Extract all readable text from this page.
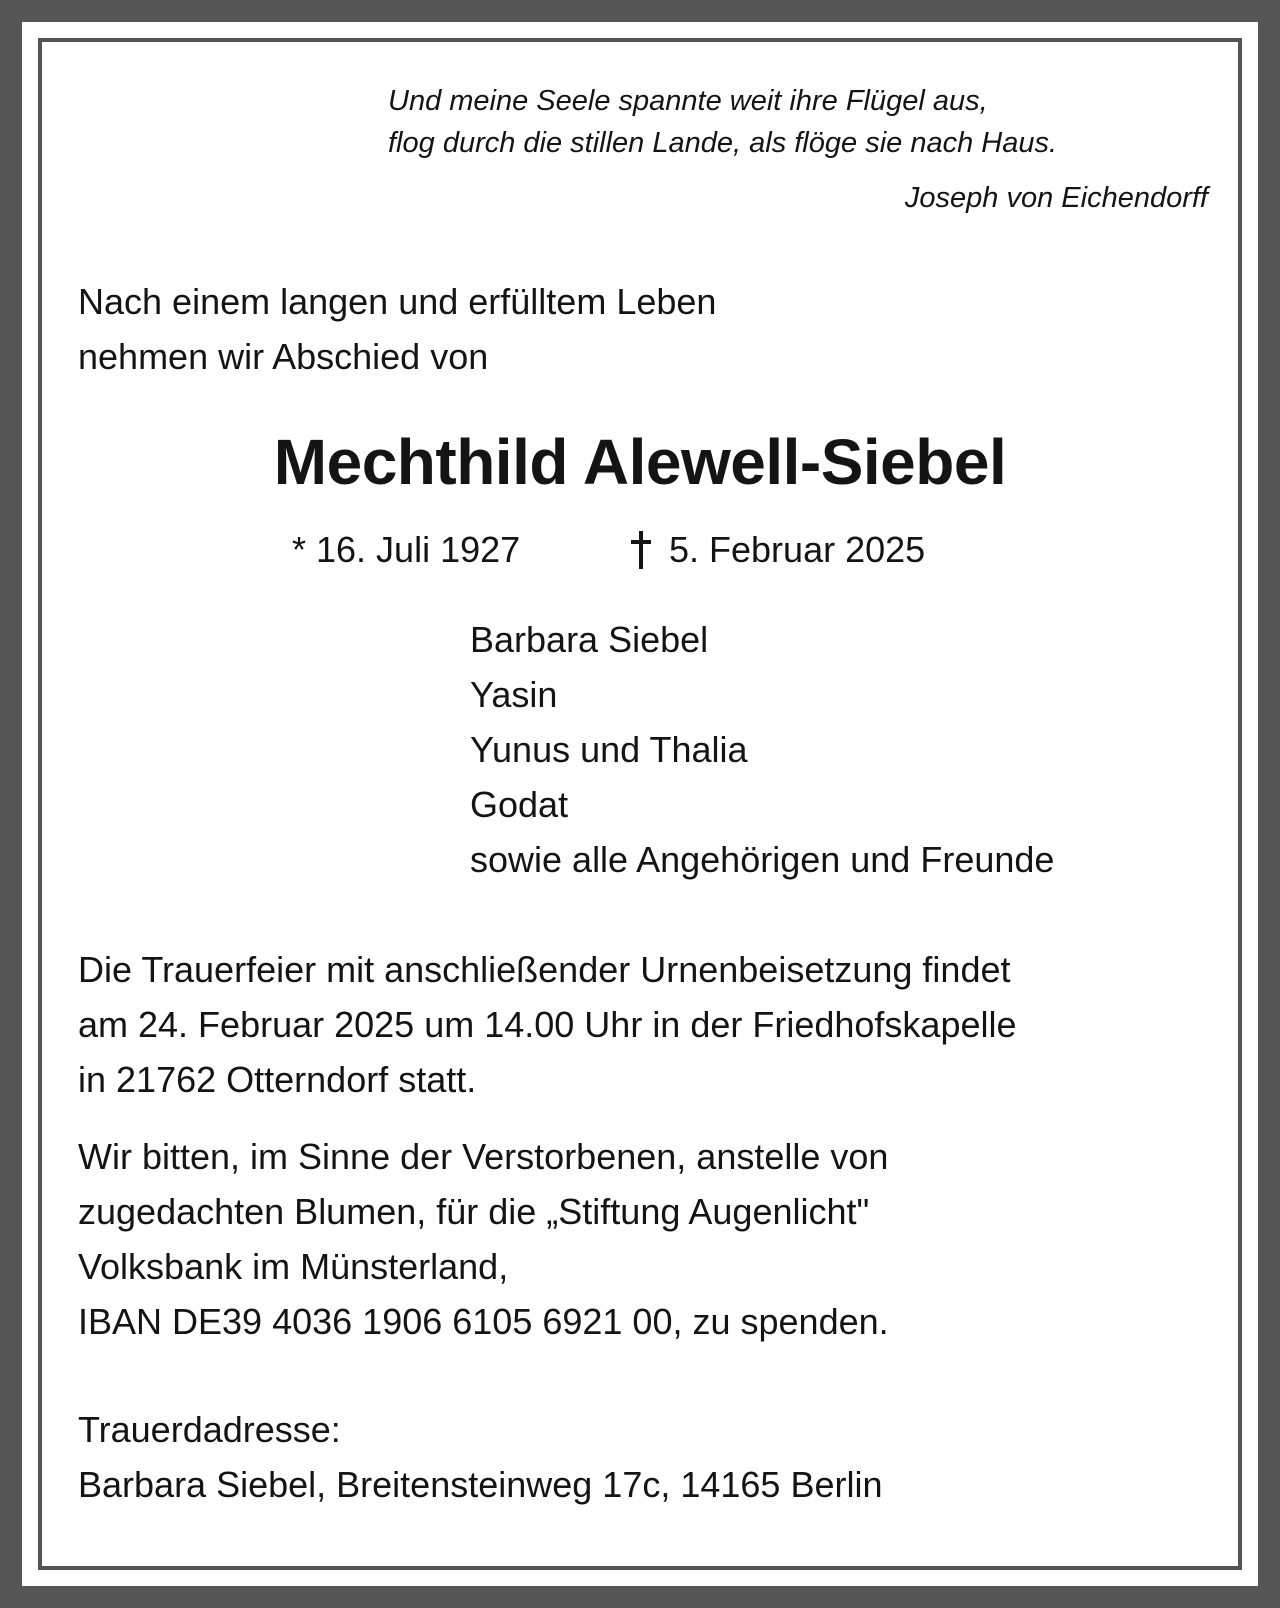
Und meine Seele spannte weit ihre Flügel aus,
flog durch die stillen Lande, als flöge sie nach Haus.
Joseph von Eichendorff
Nach einem langen und erfülltem Leben
nehmen wir Abschied von
Mechthild Alewell-Siebel
* 16. Juli 1927	5. Februar 2025
Barbara Siebel
Yasin
Yunus und Thalia
Godat
sowie alle Angehörigen und Freunde
Die Trauerfeier mit anschließender Urnenbeisetzung findet
am 24. Februar 2025 um 14.00 Uhr in der Friedhofskapelle
in 21762 Otterndorf statt.
Wir bitten, im Sinne der Verstorbenen, anstelle von
zugedachten Blumen, für die „Stiftung Augenlicht"
Volksbank im Münsterland,
IBAN DE39 4036 1906 6105 6921 00, zu spenden.
Trauerdadresse:
Barbara Siebel, Breitensteinweg 17c, 14165 Berlin
